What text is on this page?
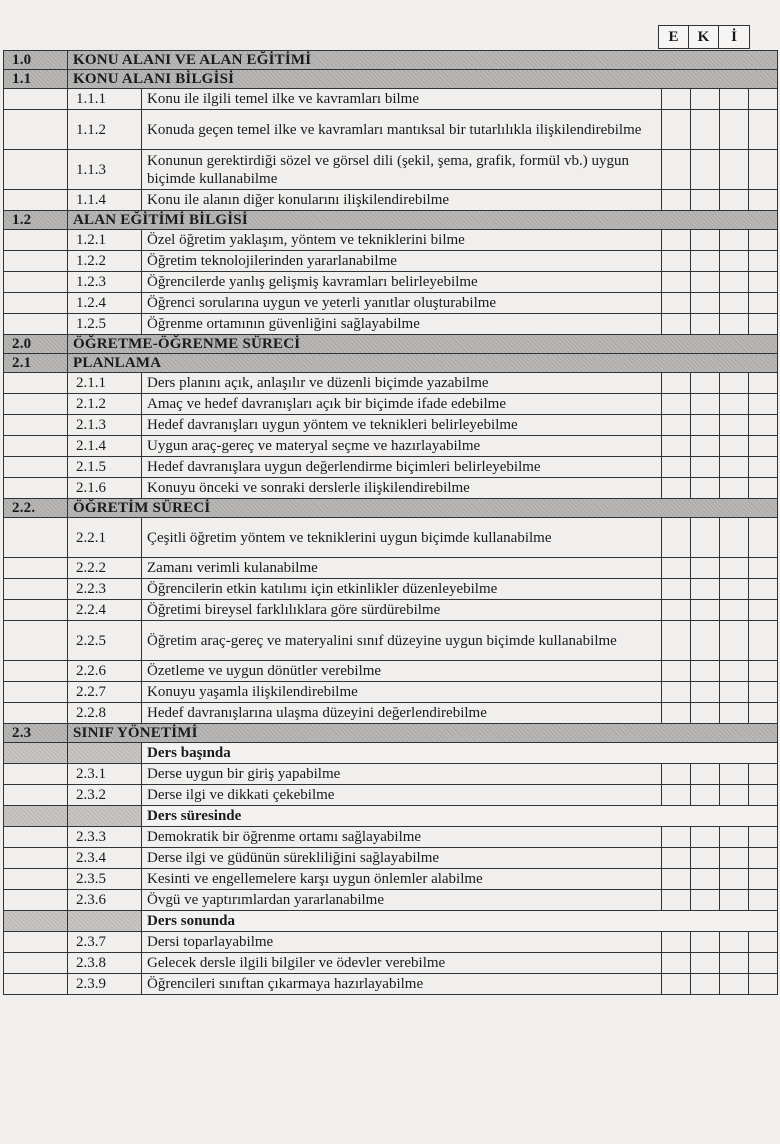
E	K	İ
1.0	KONU ALANI VE ALAN EĞİTİMİ					
1.1	KONU ALANI BİLGİSİ					
	1.1.1	Konu ile ilgili temel ilke ve kavramları bilme				
	1.1.2	Konuda geçen temel ilke ve kavramları mantıksal bir tutarlılıkla ilişkilendirebilme				
	1.1.3	Konunun gerektirdiği sözel ve görsel dili (şekil, şema, grafik, formül vb.) uygun biçimde kullanabilme				
	1.1.4	Konu ile alanın diğer konularını ilişkilendirebilme				
1.2	ALAN EĞİTİMİ BİLGİSİ					
	1.2.1	Özel öğretim yaklaşım, yöntem ve tekniklerini bilme				
	1.2.2	Öğretim teknolojilerinden yararlanabilme				
	1.2.3	Öğrencilerde yanlış gelişmiş kavramları belirleyebilme				
	1.2.4	Öğrenci sorularına uygun ve yeterli yanıtlar oluşturabilme				
	1.2.5	Öğrenme ortamının güvenliğini sağlayabilme				
2.0	ÖĞRETME-ÖĞRENME SÜRECİ					
2.1	PLANLAMA					
	2.1.1	Ders planını açık, anlaşılır ve düzenli biçimde yazabilme				
	2.1.2	Amaç ve hedef davranışları açık bir biçimde ifade edebilme				
	2.1.3	Hedef davranışları uygun yöntem ve teknikleri belirleyebilme				
	2.1.4	Uygun araç-gereç ve materyal seçme ve hazırlayabilme				
	2.1.5	Hedef davranışlara uygun değerlendirme biçimleri belirleyebilme				
	2.1.6	Konuyu önceki ve sonraki derslerle ilişkilendirebilme				
2.2.	ÖĞRETİM SÜRECİ					
	2.2.1	Çeşitli öğretim yöntem ve tekniklerini uygun biçimde kullanabilme				
	2.2.2	Zamanı verimli kulanabilme				
	2.2.3	Öğrencilerin etkin katılımı için etkinlikler düzenleyebilme				
	2.2.4	Öğretimi bireysel farklılıklara göre sürdürebilme				
	2.2.5	Öğretim araç-gereç ve materyalini sınıf düzeyine uygun biçimde kullanabilme				
	2.2.6	Özetleme ve uygun dönütler verebilme				
	2.2.7	Konuyu yaşamla ilişkilendirebilme				
	2.2.8	Hedef davranışlarına ulaşma düzeyini değerlendirebilme				
2.3	SINIF YÖNETİMİ					
		Ders başında				
	2.3.1	Derse uygun bir giriş yapabilme				
	2.3.2	Derse ilgi ve dikkati çekebilme				
		Ders süresinde				
	2.3.3	Demokratik bir öğrenme ortamı sağlayabilme				
	2.3.4	Derse ilgi ve güdünün sürekliliğini sağlayabilme				
	2.3.5	Kesinti ve engellemelere karşı uygun önlemler alabilme				
	2.3.6	Övgü ve yaptırımlardan yararlanabilme				
		Ders sonunda				
	2.3.7	Dersi toparlayabilme				
	2.3.8	Gelecek dersle ilgili bilgiler ve ödevler verebilme				
	2.3.9	Öğrencileri sınıftan çıkarmaya hazırlayabilme				
